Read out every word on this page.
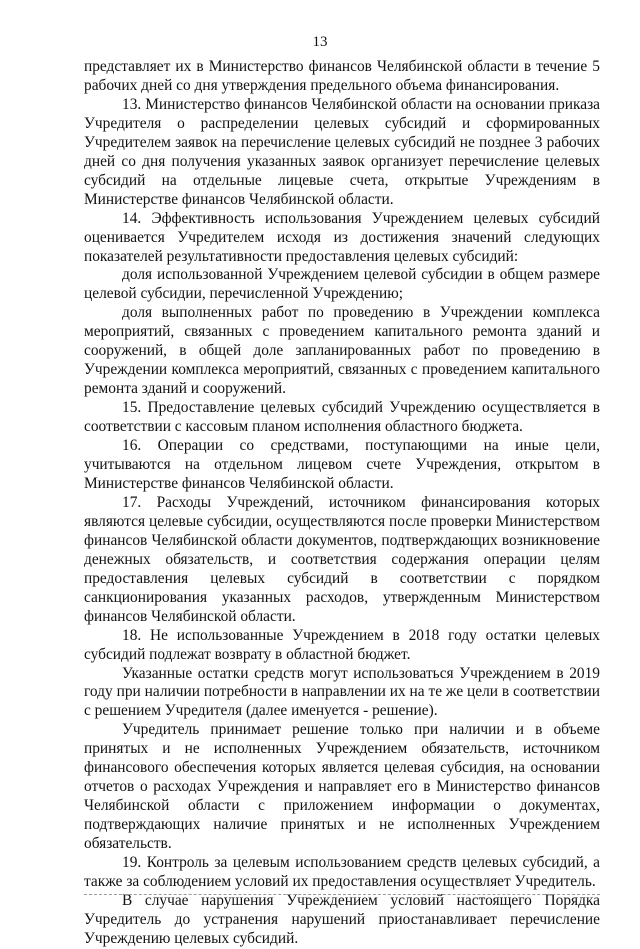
13

представляет их в Министерство финансов Челябинской области в течение 5 рабочих дней со дня утверждения предельного объема финансирования.

13. Министерство финансов Челябинской области на основании приказа Учредителя о распределении целевых субсидий и сформированных Учредителем заявок на перечисление целевых субсидий не позднее 3 рабочих дней со дня получения указанных заявок организует перечисление целевых субсидий на отдельные лицевые счета, открытые Учреждениям в Министерстве финансов Челябинской области.

14. Эффективность использования Учреждением целевых субсидий оценивается Учредителем исходя из достижения значений следующих показателей результативности предоставления целевых субсидий:

доля использованной Учреждением целевой субсидии в общем размере целевой субсидии, перечисленной Учреждению;

доля выполненных работ по проведению в Учреждении комплекса мероприятий, связанных с проведением капитального ремонта зданий и сооружений, в общей доле запланированных работ по проведению в Учреждении комплекса мероприятий, связанных с проведением капитального ремонта зданий и сооружений.

15. Предоставление целевых субсидий Учреждению осуществляется в соответствии с кассовым планом исполнения областного бюджета.

16. Операции со средствами, поступающими на иные цели, учитываются на отдельном лицевом счете Учреждения, открытом в Министерстве финансов Челябинской области.

17. Расходы Учреждений, источником финансирования которых являются целевые субсидии, осуществляются после проверки Министерством финансов Челябинской области документов, подтверждающих возникновение денежных обязательств, и соответствия содержания операции целям предоставления целевых субсидий в соответствии с порядком санкционирования указанных расходов, утвержденным Министерством финансов Челябинской области.

18. Не использованные Учреждением в 2018 году остатки целевых субсидий подлежат возврату в областной бюджет.

Указанные остатки средств могут использоваться Учреждением в 2019 году при наличии потребности в направлении их на те же цели в соответствии с решением Учредителя (далее именуется - решение).

Учредитель принимает решение только при наличии и в объеме принятых и не исполненных Учреждением обязательств, источником финансового обеспечения которых является целевая субсидия, на основании отчетов о расходах Учреждения и направляет его в Министерство финансов Челябинской области с приложением информации о документах, подтверждающих наличие принятых и не исполненных Учреждением обязательств.

19. Контроль за целевым использованием средств целевых субсидий, а также за соблюдением условий их предоставления осуществляет Учредитель.

В случае нарушения Учреждением условий настоящего Порядка Учредитель до устранения нарушений приостанавливает перечисление Учреждению целевых субсидий.
